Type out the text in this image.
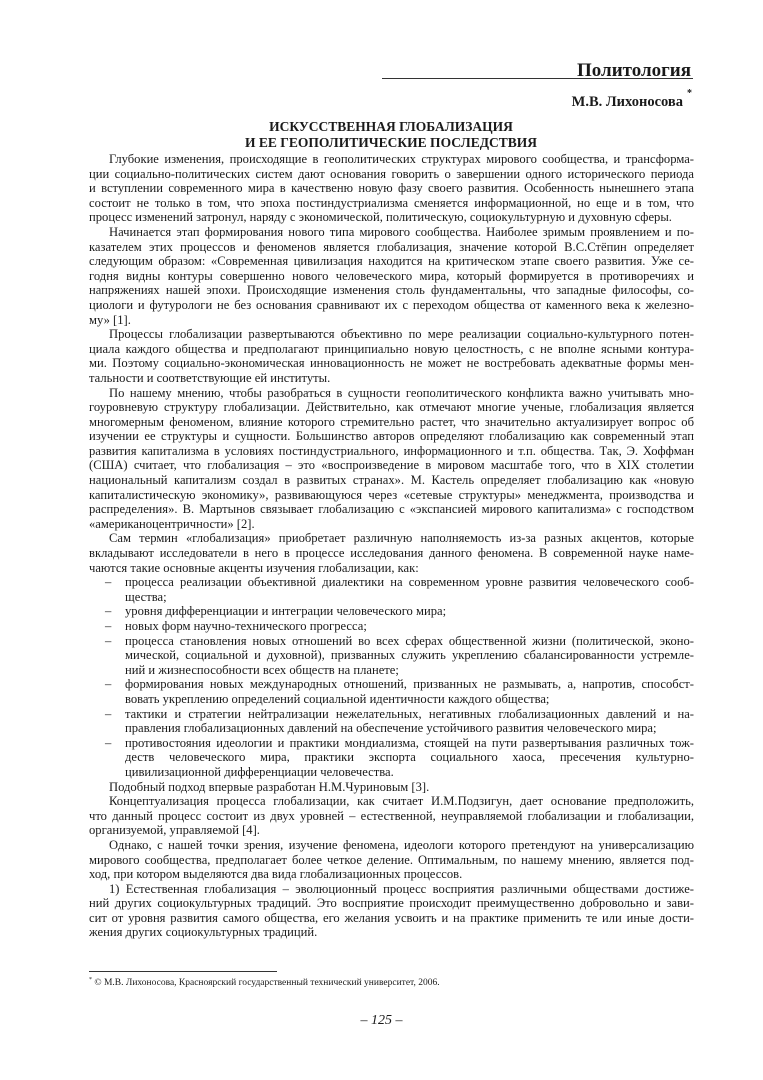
Политология
М.В. Лихоносова
*
ИСКУССТВЕННАЯ ГЛОБАЛИЗАЦИЯ
И ЕЕ ГЕОПОЛИТИЧЕСКИЕ ПОСЛЕДСТВИЯ
Глубокие изменения, происходящие в геополитических структурах мирового сообщества, и трансформа-
ции социально-политических систем дают основания говорить о завершении одного исторического периода
и вступлении современного мира в качественю новую фазу своего развития. Особенность нынешнего этапа
состоит не только в том, что эпоха постиндустриализма сменяется информационной, но еще и в том, что
процесс изменений затронул, наряду с экономической, политическую, социокультурную и духовную сферы.
Начинается этап формирования нового типа мирового сообщества. Наиболее зримым проявлением и по-
казателем этих процессов и феноменов является глобализация, значение которой В.С.Стёпин определяет
следующим образом: «Современная цивилизация находится на критическом этапе своего развития. Уже се-
годня видны контуры совершенно нового человеческого мира, который формируется в противоречиях и
напряжениях нашей эпохи. Происходящие изменения столь фундаментальны, что западные философы, со-
циологи и футурологи не без основания сравнивают их с переходом общества от каменного века к железно-
му» [1].
Процессы глобализации развертываются объективно по мере реализации социально-культурного потен-
циала каждого общества и предполагают принципиально новую целостность, с не вполне ясными контура-
ми. Поэтому социально-экономическая инновационность не может не востребовать адекватные формы мен-
тальности и соответствующие ей институты.
По нашему мнению, чтобы разобраться в сущности геополитического конфликта важно учитывать мно-
гоуровневую структуру глобализации. Действительно, как отмечают многие ученые, глобализация является
многомерным феноменом, влияние которого стремительно растет, что значительно актуализирует вопрос об
изучении ее структуры и сущности. Большинство авторов определяют глобализацию как современный этап
развития капитализма в условиях постиндустриального, информационного и т.п. общества. Так, Э. Хоффман
(США) считает, что глобализация – это «воспроизведение в мировом масштабе того, что в XIX столетии
национальный капитализм создал в развитых странах». М. Кастель определяет глобализацию как «новую
капиталистическую экономику», развивающуюся через «сетевые структуры» менеджмента, производства и
распределения». В. Мартынов связывает глобализацию с «экспансией мирового капитализма» с господством
«американоцентричности» [2].
Сам термин «глобализация» приобретает различную наполняемость из-за разных акцентов, которые
вкладывают исследователи в него в процессе исследования данного феномена. В современной науке наме-
чаются такие основные акценты изучения глобализации, как:
– процесса реализации объективной диалектики на современном уровне развития человеческого сооб-
щества;
– уровня дифференциации и интеграции человеческого мира;
– новых форм научно-технического прогресса;
– процесса становления новых отношений во всех сферах общественной жизни (политической, эконо-
мической, социальной и духовной), призванных служить укреплению сбалансированности устремле-
ний и жизнеспособности всех обществ на планете;
– формирования новых международных отношений, призванных не размывать, а, напротив, способст-
вовать укреплению определений социальной идентичности каждого общества;
– тактики и стратегии нейтрализации нежелательных, негативных глобализационных давлений и на-
правления глобализационных давлений на обеспечение устойчивого развития человеческого мира;
– противостояния идеологии и практики мондиализма, стоящей на пути развертывания различных тож-
деств человеческого мира, практики экспорта социального хаоса, пресечения культурно-
цивилизационной дифференциации человечества.
Подобный подход впервые разработан Н.М.Чуриновым [3].
Концептуализация процесса глобализации, как считает И.М.Подзигун, дает основание предположить,
что данный процесс состоит из двух уровней – естественной, неуправляемой глобализации и глобализации,
организуемой, управляемой [4].
Однако, с нашей точки зрения, изучение феномена, идеологи которого претендуют на универсализацию
мирового сообщества, предполагает более четкое деление. Оптимальным, по нашему мнению, является под-
ход, при котором выделяются два вида глобализационных процессов.
1) Естественная глобализация – эволюционный процесс восприятия различными обществами достиже-
ний других социокультурных традиций. Это восприятие происходит преимущественно добровольно и зави-
сит от уровня развития самого общества, его желания усвоить и на практике применить те или иные дости-
жения других социокультурных традиций.
* © М.В. Лихоносова, Красноярский государственный технический университет, 2006.
– 125 –
